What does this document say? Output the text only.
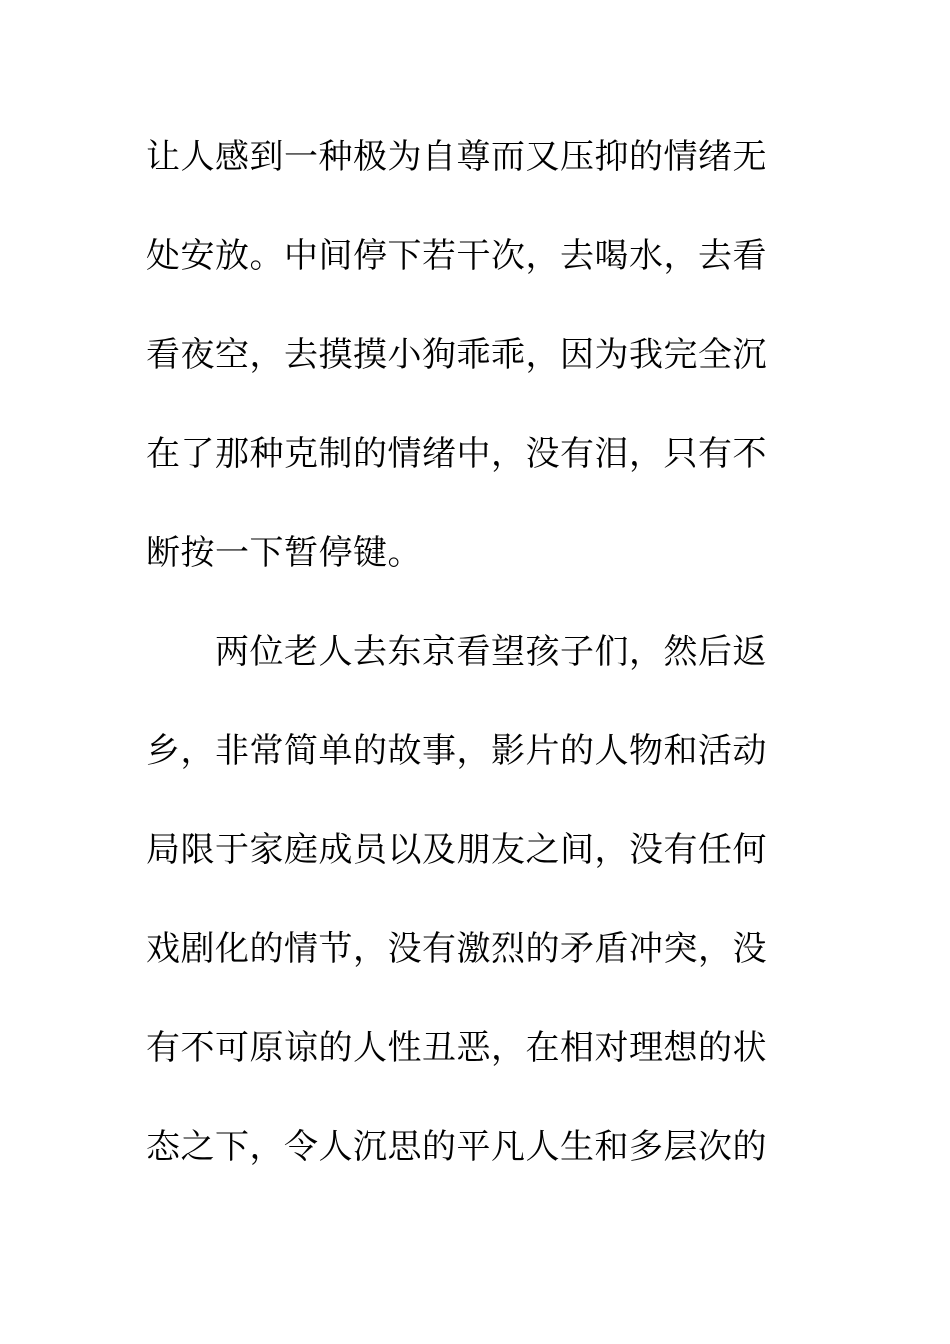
让人感到一种极为自尊而又压抑的情绪无
处安放。中间停下若干次，去喝水，去看
看夜空，去摸摸小狗乖乖，因为我完全沉
在了那种克制的情绪中，没有泪，只有不
断按一下暂停键。
两位老人去东京看望孩子们，然后返
乡，非常简单的故事，影片的人物和活动
局限于家庭成员以及朋友之间，没有任何
戏剧化的情节，没有激烈的矛盾冲突，没
有不可原谅的人性丑恶，在相对理想的状
态之下，令人沉思的平凡人生和多层次的
